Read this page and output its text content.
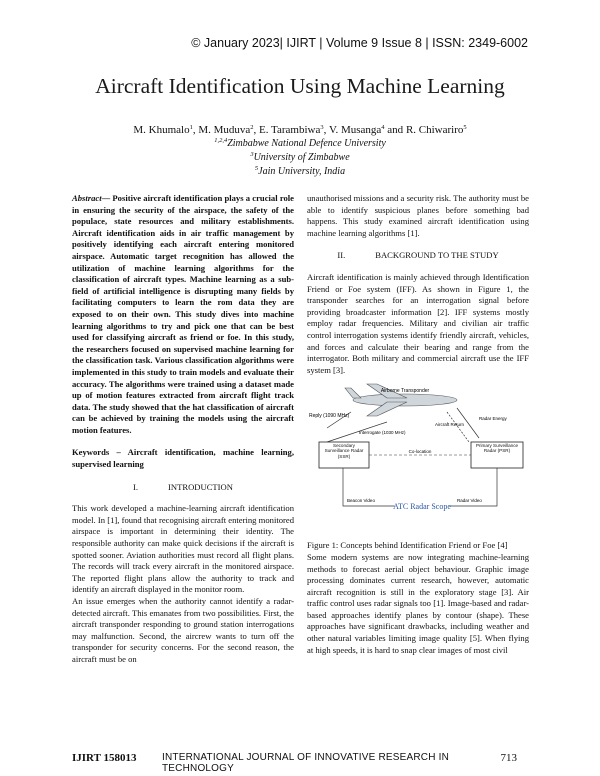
© January 2023| IJIRT | Volume 9 Issue 8 | ISSN: 2349-6002
Aircraft Identification Using Machine Learning
M. Khumalo$^1$, M. Muduva$^2$, E. Tarambiwa$^3$, V. Musanga$^4$ and R. Chiwariro$^5$
$^{1,2,4}$Zimbabwe National Defence University
$^3$University of Zimbabwe
$^5$Jain University, India

Abstract— Positive aircraft identification plays a crucial role in ensuring the security of the airspace, the safety of the populace, state resources and military establishments. Aircraft identification aids in air traffic management by positively identifying each aircraft entering monitored airspace. Automatic target recognition has allowed the utilization of machine learning algorithms for the classification of aircraft types. Machine learning as a sub-field of artificial intelligence is disrupting many fields by facilitating computers to learn the rom data they are exposed to on their own. This study dives into machine learning algorithms to try and pick one that can be best used for classifying aircraft as friend or foe. In this study, the researchers focused on supervised machine learning for the classification task. Various classification algorithms were implemented in this study to train models and evaluate their accuracy. The algorithms were trained using a dataset made up of motion features extracted from aircraft flight track data. The study showed that the hat classification of aircraft can be achieved by training the models using the aircraft motion features.

Keywords – Aircraft identification, machine learning, supervised learning

I.	INTRODUCTION

This work developed a machine-learning aircraft identification model. In [1], found that recognising aircraft entering monitored airspace is important in determining their identity. The responsible authority can make quick decisions if the aircraft is spotted sooner. Aviation authorities must record all flight plans. The records will track every aircraft in the monitored airspace. The reported flight plans allow the authority to track and identify an aircraft displayed in the monitor room.

An issue emerges when the authority cannot identify a radar-detected aircraft. This emanates from two possibilities. First, the aircraft transponder responding to ground station interrogations may malfunction. Second, the aircrew wants to turn off the transponder for security concerns. For the second reason, the aircraft must be on

unauthorised missions and a security risk. The authority must be able to identify suspicious planes before something bad happens. This study examined aircraft identification using machine learning algorithms [1].

II.	BACKGROUND TO THE STUDY

Aircraft identification is mainly achieved through Identification Friend or Foe system (IFF). As shown in Figure 1, the transponder searches for an interrogation signal before providing broadcaster information [2]. IFF systems mostly employ radar frequencies. Military and civilian air traffic control interrogation systems identify friendly aircraft, vehicles, and forces and calculate their bearing and range from the interrogator. Both military and commercial aircraft use the IFF system [3].

Airborne Transponder
Reply (1090 MHz)
Interrogate (1030 MHz)
Aircraft Return
Radar Energy
Secondary Surveillance Radar (SSR)
Primary Surveillance Radar (PSR)
Co-location
Beacon Video	Radar Video
ATC Radar Scope

Figure 1: Concepts behind Identification Friend or Foe [4]

Some modern systems are now integrating machine-learning methods to forecast aerial object behaviour. Graphic image processing dominates current research, however, automatic aircraft recognition is still in the exploratory stage [3]. Air traffic control uses radar signals too [1]. Image-based and radar-based approaches identify planes by contour (shape). These approaches have significant drawbacks, including weather and other natural variables limiting image quality [5]. When flying at high speeds, it is hard to snap clear images of most civil

IJIRT 158013	INTERNATIONAL JOURNAL OF INNOVATIVE RESEARCH IN TECHNOLOGY
713
